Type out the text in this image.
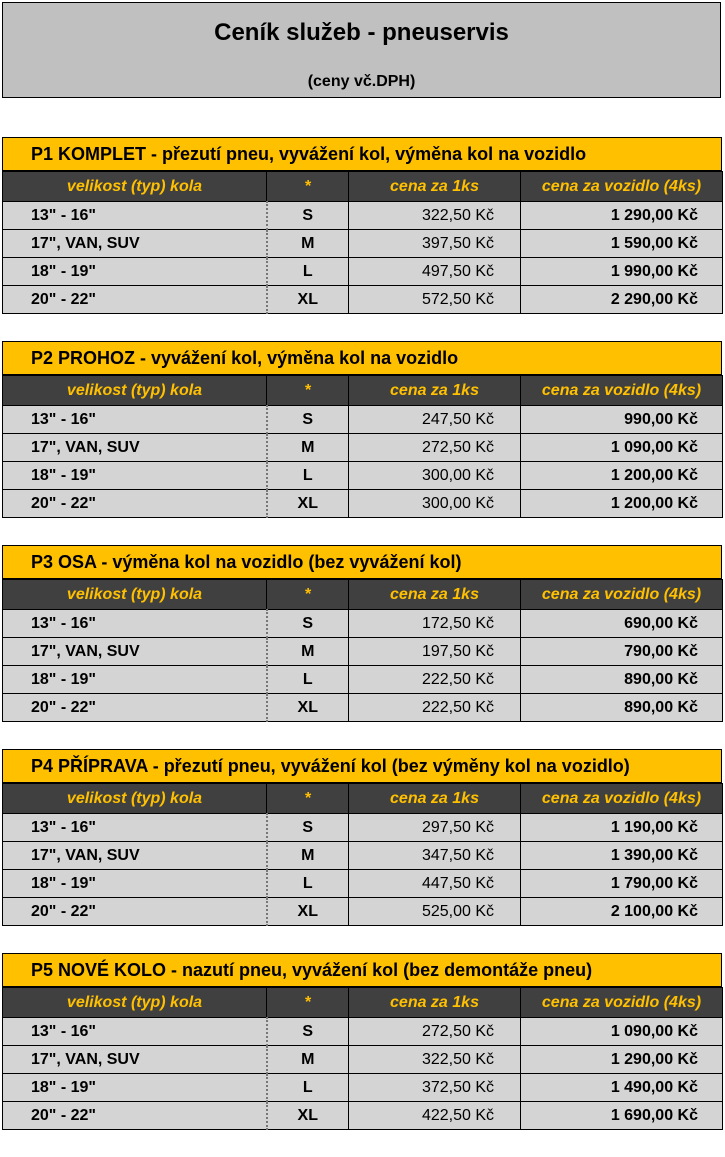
Ceník služeb - pneuservis
(ceny vč.DPH)
P1 KOMPLET - přezutí pneu, vyvážení kol, výměna kol na vozidlo
velikost (typ) kola	*	cena za 1ks	cena za vozidlo (4ks)
13" - 16"	S	322,50 Kč	1 290,00 Kč
17", VAN, SUV	M	397,50 Kč	1 590,00 Kč
18" - 19"	L	497,50 Kč	1 990,00 Kč
20" - 22"	XL	572,50 Kč	2 290,00 Kč
P2 PROHOZ - vyvážení kol, výměna kol na vozidlo
velikost (typ) kola	*	cena za 1ks	cena za vozidlo (4ks)
13" - 16"	S	247,50 Kč	990,00 Kč
17", VAN, SUV	M	272,50 Kč	1 090,00 Kč
18" - 19"	L	300,00 Kč	1 200,00 Kč
20" - 22"	XL	300,00 Kč	1 200,00 Kč
P3 OSA - výměna kol na vozidlo (bez vyvážení kol)
velikost (typ) kola	*	cena za 1ks	cena za vozidlo (4ks)
13" - 16"	S	172,50 Kč	690,00 Kč
17", VAN, SUV	M	197,50 Kč	790,00 Kč
18" - 19"	L	222,50 Kč	890,00 Kč
20" - 22"	XL	222,50 Kč	890,00 Kč
P4 PŘÍPRAVA - přezutí pneu, vyvážení kol (bez výměny kol na vozidlo)
velikost (typ) kola	*	cena za 1ks	cena za vozidlo (4ks)
13" - 16"	S	297,50 Kč	1 190,00 Kč
17", VAN, SUV	M	347,50 Kč	1 390,00 Kč
18" - 19"	L	447,50 Kč	1 790,00 Kč
20" - 22"	XL	525,00 Kč	2 100,00 Kč
P5 NOVÉ KOLO - nazutí pneu, vyvážení kol (bez demontáže pneu)
velikost (typ) kola	*	cena za 1ks	cena za vozidlo (4ks)
13" - 16"	S	272,50 Kč	1 090,00 Kč
17", VAN, SUV	M	322,50 Kč	1 290,00 Kč
18" - 19"	L	372,50 Kč	1 490,00 Kč
20" - 22"	XL	422,50 Kč	1 690,00 Kč
